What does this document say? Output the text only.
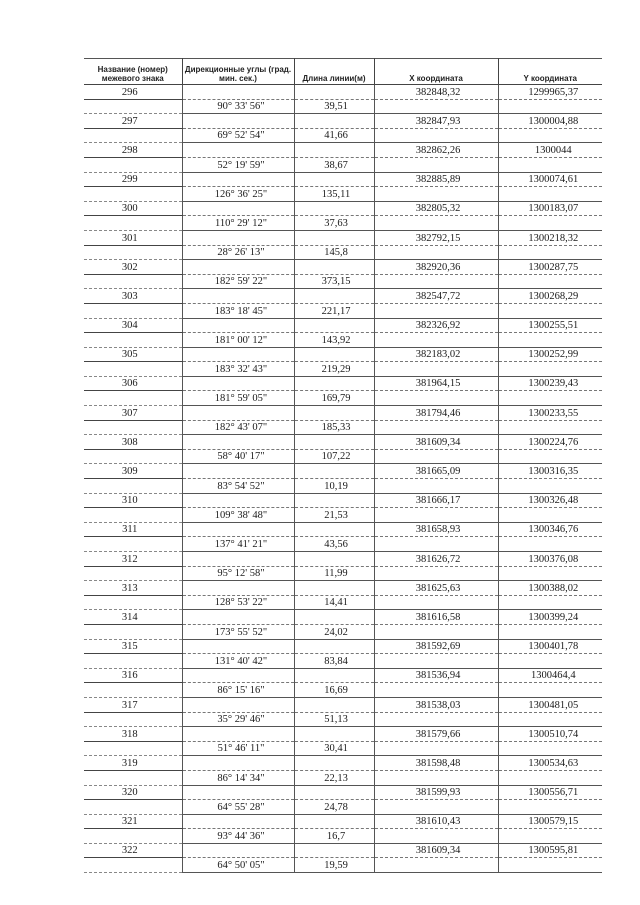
Название (номер) межевого знака	Дирекционные углы (град. мин. сек.)	Длина линии(м)	X координата	Y координата
296			382848,32	1299965,37
	90° 33' 56"	39,51		
297			382847,93	1300004,88
	69° 52' 54"	41,66		
298			382862,26	1300044
	52° 19' 59"	38,67		
299			382885,89	1300074,61
	126° 36' 25"	135,11		
300			382805,32	1300183,07
	110° 29' 12"	37,63		
301			382792,15	1300218,32
	28° 26' 13"	145,8		
302			382920,36	1300287,75
	182° 59' 22"	373,15		
303			382547,72	1300268,29
	183° 18' 45"	221,17		
304			382326,92	1300255,51
	181° 00' 12"	143,92		
305			382183,02	1300252,99
	183° 32' 43"	219,29		
306			381964,15	1300239,43
	181° 59' 05"	169,79		
307			381794,46	1300233,55
	182° 43' 07"	185,33		
308			381609,34	1300224,76
	58° 40' 17"	107,22		
309			381665,09	1300316,35
	83° 54' 52"	10,19		
310			381666,17	1300326,48
	109° 38' 48"	21,53		
311			381658,93	1300346,76
	137° 41' 21"	43,56		
312			381626,72	1300376,08
	95° 12' 58"	11,99		
313			381625,63	1300388,02
	128° 53' 22"	14,41		
314			381616,58	1300399,24
	173° 55' 52"	24,02		
315			381592,69	1300401,78
	131° 40' 42"	83,84		
316			381536,94	1300464,4
	86° 15' 16"	16,69		
317			381538,03	1300481,05
	35° 29' 46"	51,13		
318			381579,66	1300510,74
	51° 46' 11"	30,41		
319			381598,48	1300534,63
	86° 14' 34"	22,13		
320			381599,93	1300556,71
	64° 55' 28"	24,78		
321			381610,43	1300579,15
	93° 44' 36"	16,7		
322			381609,34	1300595,81
	64° 50' 05"	19,59		
